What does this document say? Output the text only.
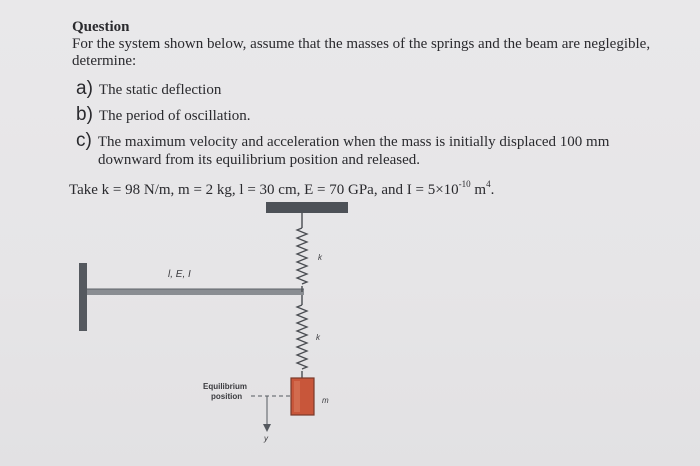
Question
For the system shown below, assume that the masses of the springs and the beam are neglegible, determine:
a) The static deflection
b) The period of oscillation.
c) The maximum velocity and acceleration when the mass is initially displaced 100 mm
downward from its equilibrium position and released.
Take k = 98 N/m, m = 2 kg, l = 30 cm, E = 70 GPa, and $I = 5\times 10^{-10}$ $m^4$.
k
k
l, E, I
m
Equilibrium
position
y
